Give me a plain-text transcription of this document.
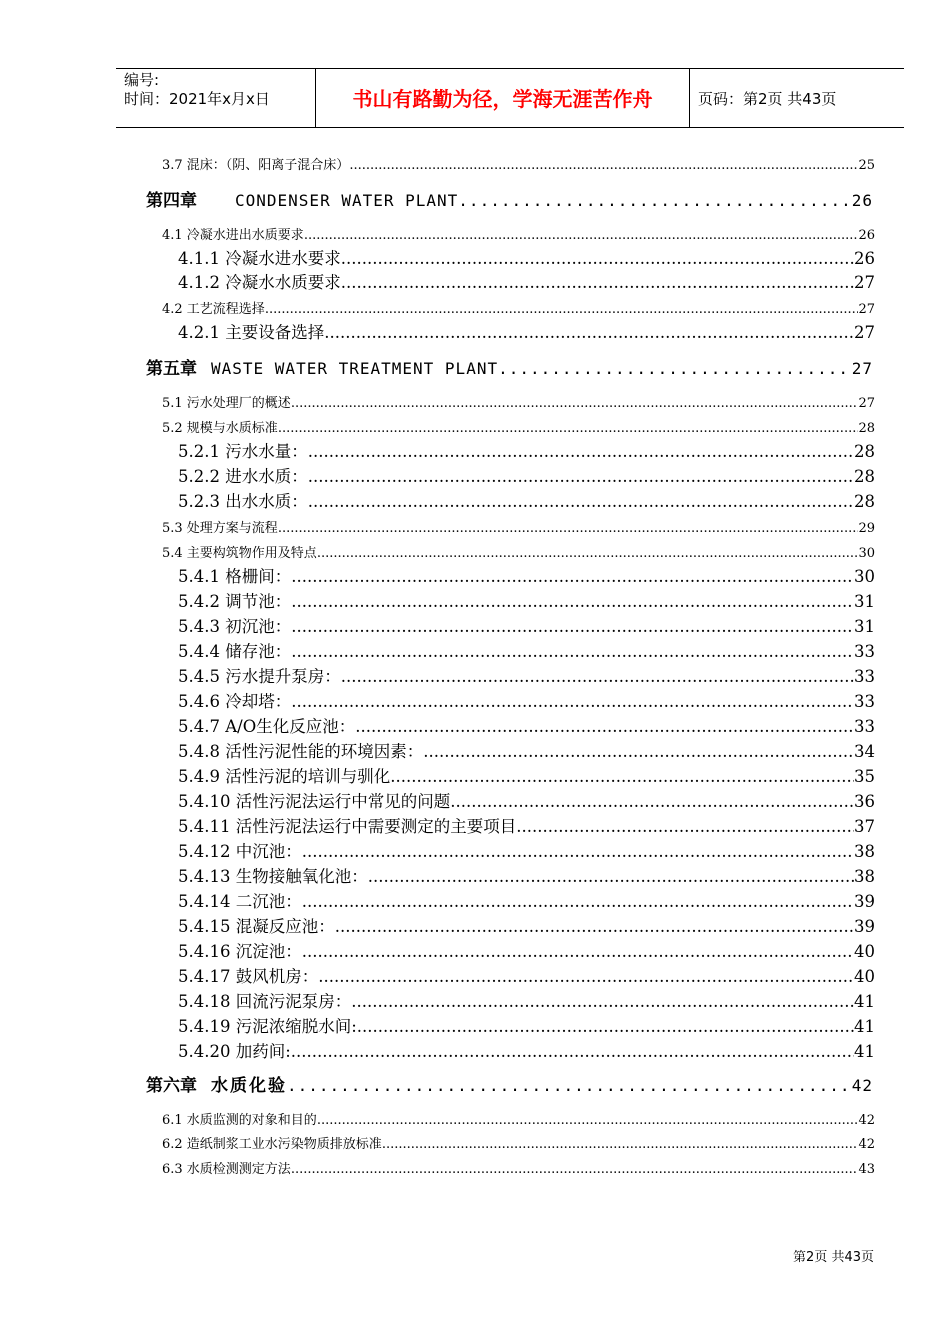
编号:
时间：2021年x月x日	书山有路勤为径，学海无涯苦作舟	页码：第2页 共43页
3.7 混床：（阴、阳离子混合床） .....	25
第四章 CONDENSER WATER PLANT .....	26
4.1 冷凝水进出水质要求 .....	26
4.1.1 冷凝水进水要求 .....	26
4.1.2 冷凝水水质要求 .....	27
4.2 工艺流程选择 .....	27
4.2.1 主要设备选择 .....	27
第五章 WASTE WATER TREATMENT PLANT .....	27
5.1 污水处理厂的概述 .....	27
5.2 规模与水质标准 .....	28
5.2.1 污水水量： .....	28
5.2.2 进水水质： .....	28
5.2.3 出水水质： .....	28
5.3 处理方案与流程 .....	29
5.4 主要构筑物作用及特点 .....	30
5.4.1 格栅间： .....	30
5.4.2 调节池： .....	31
5.4.3 初沉池： .....	31
5.4.4 储存池： .....	33
5.4.5 污水提升泵房： .....	33
5.4.6 冷却塔： .....	33
5.4.7 A/O生化反应池： .....	33
5.4.8 活性污泥性能的环境因素： .....	34
5.4.9 活性污泥的培训与驯化 .....	35
5.4.10 活性污泥法运行中常见的问题 .....	36
5.4.11 活性污泥法运行中需要测定的主要项目 .....	37
5.4.12 中沉池： .....	38
5.4.13 生物接触氧化池： .....	38
5.4.14 二沉池： .....	39
5.4.15 混凝反应池： .....	39
5.4.16 沉淀池： .....	40
5.4.17 鼓风机房： .....	40
5.4.18 回流污泥泵房： .....	41
5.4.19 污泥浓缩脱水间: .....	41
5.4.20 加药间: .....	41
第六章 水质化验 .....	42
6.1 水质监测的对象和目的 .....	42
6.2 造纸制浆工业水污染物质排放标准 .....	42
6.3 水质检测测定方法 .....	43
第2页 共43页
